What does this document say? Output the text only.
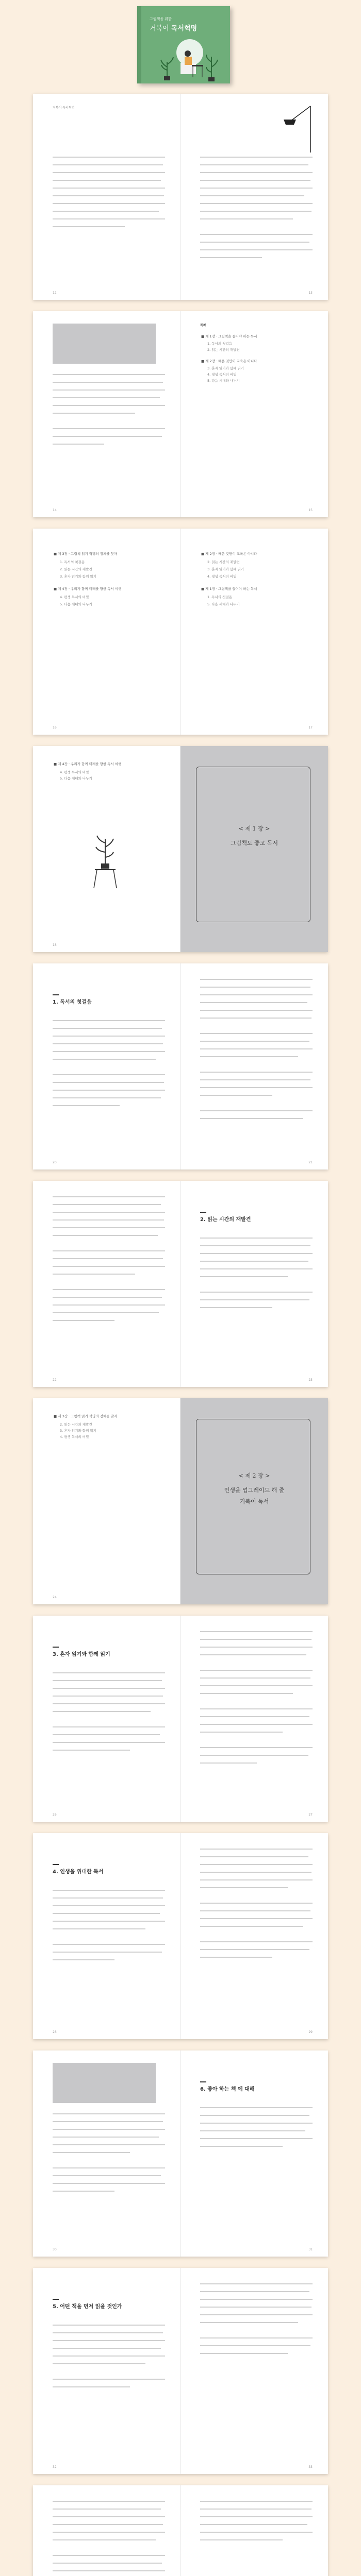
그림책을 위한
거북이 독서혁명
거북이 독서혁명
12	13
14
목차
■ 제 1장 · 그림책을 들어야 하는 독서
1. 독서의 첫걸음
2. 읽는 시간의 재발견
■ 제 2장 · 배운 것만이 교육은 아니다
3. 혼자 읽기와 함께 읽기
4. 평생 독서의 비밀
5. 다음 세대와 나누기
15
■ 제 3장 · 그림책 읽기 혁명의 정체를 찾자
1. 독서의 첫걸음
2. 읽는 시간의 재발견
3. 혼자 읽기와 함께 읽기
■ 제 4장 · 우리가 함께 미래를 향한 독서 여행
4. 평생 독서의 비밀
5. 다음 세대와 나누기
16
■ 제 2장 · 배운 것만이 교육은 아니다
2. 읽는 시간의 재발견
3. 혼자 읽기와 함께 읽기
4. 평생 독서의 비밀
■ 제 1장 · 그림책을 들어야 하는 독서
1. 독서의 첫걸음
5. 다음 세대와 나누기
17
■ 제 4장 · 우리가 함께 미래를 향한 독서 여행
4. 평생 독서의 비밀
5. 다음 세대와 나누기
18
< 제 1 장 >
그림책도 좋고 독서
1. 독서의 첫걸음
20	21
22
2. 읽는 시간의 재발견
23
■ 제 3장 · 그림책 읽기 혁명의 정체를 찾자
2. 읽는 시간의 재발견
3. 혼자 읽기와 함께 읽기
4. 평생 독서의 비밀
24
< 제 2 장 >
인생을 업그레이드 해 줄
거북이 독서
3. 혼자 읽기와 함께 읽기
26	27
4. 인생을 위대한 독서
28	29
30
6. 좋아 하는 책 에 대해
31
5. 어떤 책을 먼저 읽을 것인가
32	33
